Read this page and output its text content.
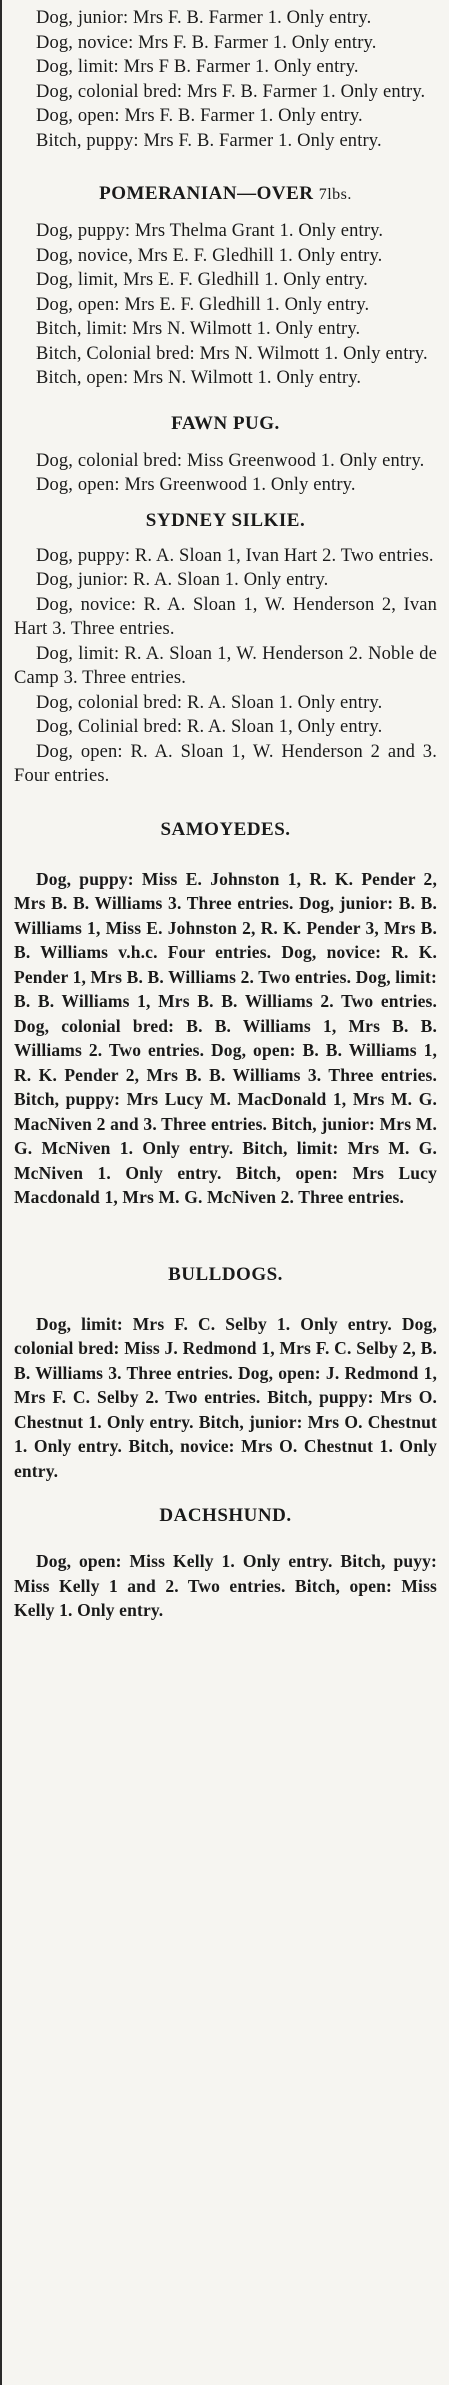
Dog, junior: Mrs F. B. Farmer 1. Only entry.

Dog, novice: Mrs F. B. Farmer 1. Only entry.

Dog, limit: Mrs F B. Farmer 1. Only entry.

Dog, colonial bred: Mrs F. B. Farmer 1. Only entry.

Dog, open: Mrs F. B. Farmer 1. Only entry.

Bitch, puppy: Mrs F. B. Farmer 1. Only entry.

POMERANIAN—OVER 7lbs.

Dog, puppy: Mrs Thelma Grant 1. Only entry.

Dog, novice, Mrs E. F. Gledhill 1. Only entry.

Dog, limit, Mrs E. F. Gledhill 1. Only entry.

Dog, open: Mrs E. F. Gledhill 1. Only entry.

Bitch, limit: Mrs N. Wilmott 1. Only entry.

Bitch, Colonial bred: Mrs N. Wilmott 1. Only entry.

Bitch, open: Mrs N. Wilmott 1. Only entry.

FAWN PUG.

Dog, colonial bred: Miss Greenwood 1. Only entry.

Dog, open: Mrs Greenwood 1. Only entry.

SYDNEY SILKIE.

Dog, puppy: R. A. Sloan 1, Ivan Hart 2. Two entries.

Dog, junior: R. A. Sloan 1. Only entry.

Dog, novice: R. A. Sloan 1, W. Henderson 2, Ivan Hart 3. Three entries.

Dog, limit: R. A. Sloan 1, W. Henderson 2. Noble de Camp 3. Three entries.

Dog, colonial bred: R. A. Sloan 1. Only entry.

Dog, Colinial bred: R. A. Sloan 1, Only entry.

Dog, open: R. A. Sloan 1, W. Henderson 2 and 3. Four entries.

SAMOYEDES.

Dog, puppy: Miss E. Johnston 1, R. K. Pender 2, Mrs B. B. Williams 3. Three entries. Dog, junior: B. B. Williams 1, Miss E. Johnston 2, R. K. Pender 3, Mrs B. B. Williams v.h.c. Four entries. Dog, novice: R. K. Pender 1, Mrs B. B. Williams 2. Two entries. Dog, limit: B. B. Williams 1, Mrs B. B. Williams 2. Two entries. Dog, colonial bred: B. B. Williams 1, Mrs B. B. Williams 2. Two entries. Dog, open: B. B. Williams 1, R. K. Pender 2, Mrs B. B. Williams 3. Three entries. Bitch, puppy: Mrs Lucy M. MacDonald 1, Mrs M. G. MacNiven 2 and 3. Three entries. Bitch, junior: Mrs M. G. McNiven 1. Only entry. Bitch, limit: Mrs M. G. McNiven 1. Only entry. Bitch, open: Mrs Lucy Macdonald 1, Mrs M. G. McNiven 2. Three entries.

BULLDOGS.

Dog, limit: Mrs F. C. Selby 1. Only entry. Dog, colonial bred: Miss J. Redmond 1, Mrs F. C. Selby 2, B. B. Williams 3. Three entries. Dog, open: J. Redmond 1, Mrs F. C. Selby 2. Two entries. Bitch, puppy: Mrs O. Chestnut 1. Only entry. Bitch, junior: Mrs O. Chestnut 1. Only entry. Bitch, novice: Mrs O. Chestnut 1. Only entry.

DACHSHUND.

Dog, open: Miss Kelly 1. Only entry. Bitch, puyy: Miss Kelly 1 and 2. Two entries. Bitch, open: Miss Kelly 1. Only entry.
